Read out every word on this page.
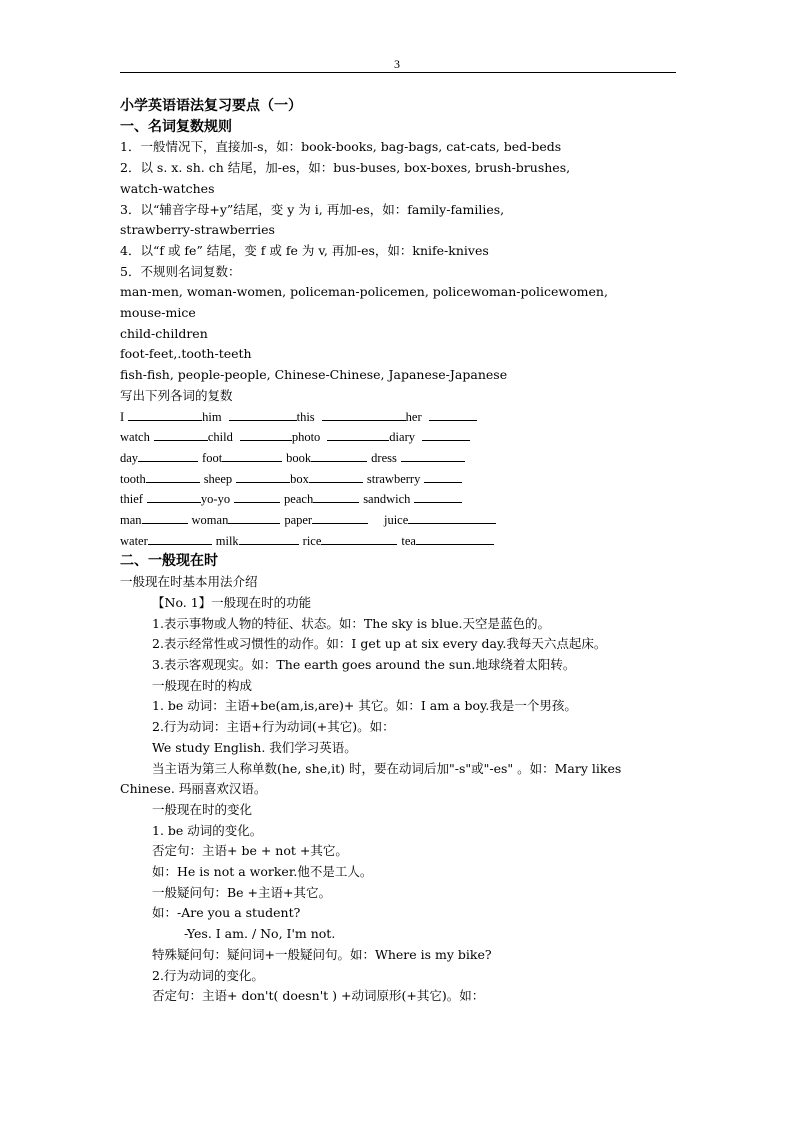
3
小学英语语法复习要点（一）
一、名词复数规则
1．一般情况下，直接加-s，如：book-books, bag-bags, cat-cats, bed-beds
2．以 s. x. sh. ch 结尾，加-es，如：bus-buses, box-boxes, brush-brushes,
watch-watches
3．以“辅音字母+y”结尾，变 y 为 i, 再加-es，如：family-families,
strawberry-strawberries
4．以“f 或 fe” 结尾，变 f 或 fe 为 v, 再加-es，如：knife-knives
5．不规则名词复数：
man-men, woman-women, policeman-policemen, policewoman-policewomen,
mouse-mice
child-children
foot-feet,.tooth-teeth
fish-fish, people-people, Chinese-Chinese, Japanese-Japanese
写出下列各词的复数
I	him	this	her
watch	child	photo	diary
day	foot	book	dress
tooth	sheep	box	strawberry
thief	yo-yo	peach	sandwich
man	woman	paper	juice
water	milk	rice	tea
二、一般现在时
一般现在时基本用法介绍
【No. 1】一般现在时的功能
1.表示事物或人物的特征、状态。如：The sky is blue.天空是蓝色的。
2.表示经常性或习惯性的动作。如：I get up at six every day.我每天六点起床。
3.表示客观现实。如：The earth goes around the sun.地球绕着太阳转。
一般现在时的构成
1. be 动词：主语+be(am,is,are)+ 其它。如：I am a boy.我是一个男孩。
2.行为动词：主语+行为动词(+其它)。如：
We study English. 我们学习英语。
当主语为第三人称单数(he, she,it) 时，要在动词后加"-s"或"-es" 。如：Mary likes Chinese. 玛丽喜欢汉语。
一般现在时的变化
1. be 动词的变化。
否定句：主语+ be + not +其它。
如：He is not a worker.他不是工人。
一般疑问句：Be +主语+其它。
如：-Are you a student?
-Yes. I am. / No, I'm not.
特殊疑问句：疑问词+一般疑问句。如：Where is my bike?
2.行为动词的变化。
否定句：主语+ don't( doesn't ) +动词原形(+其它)。如：
